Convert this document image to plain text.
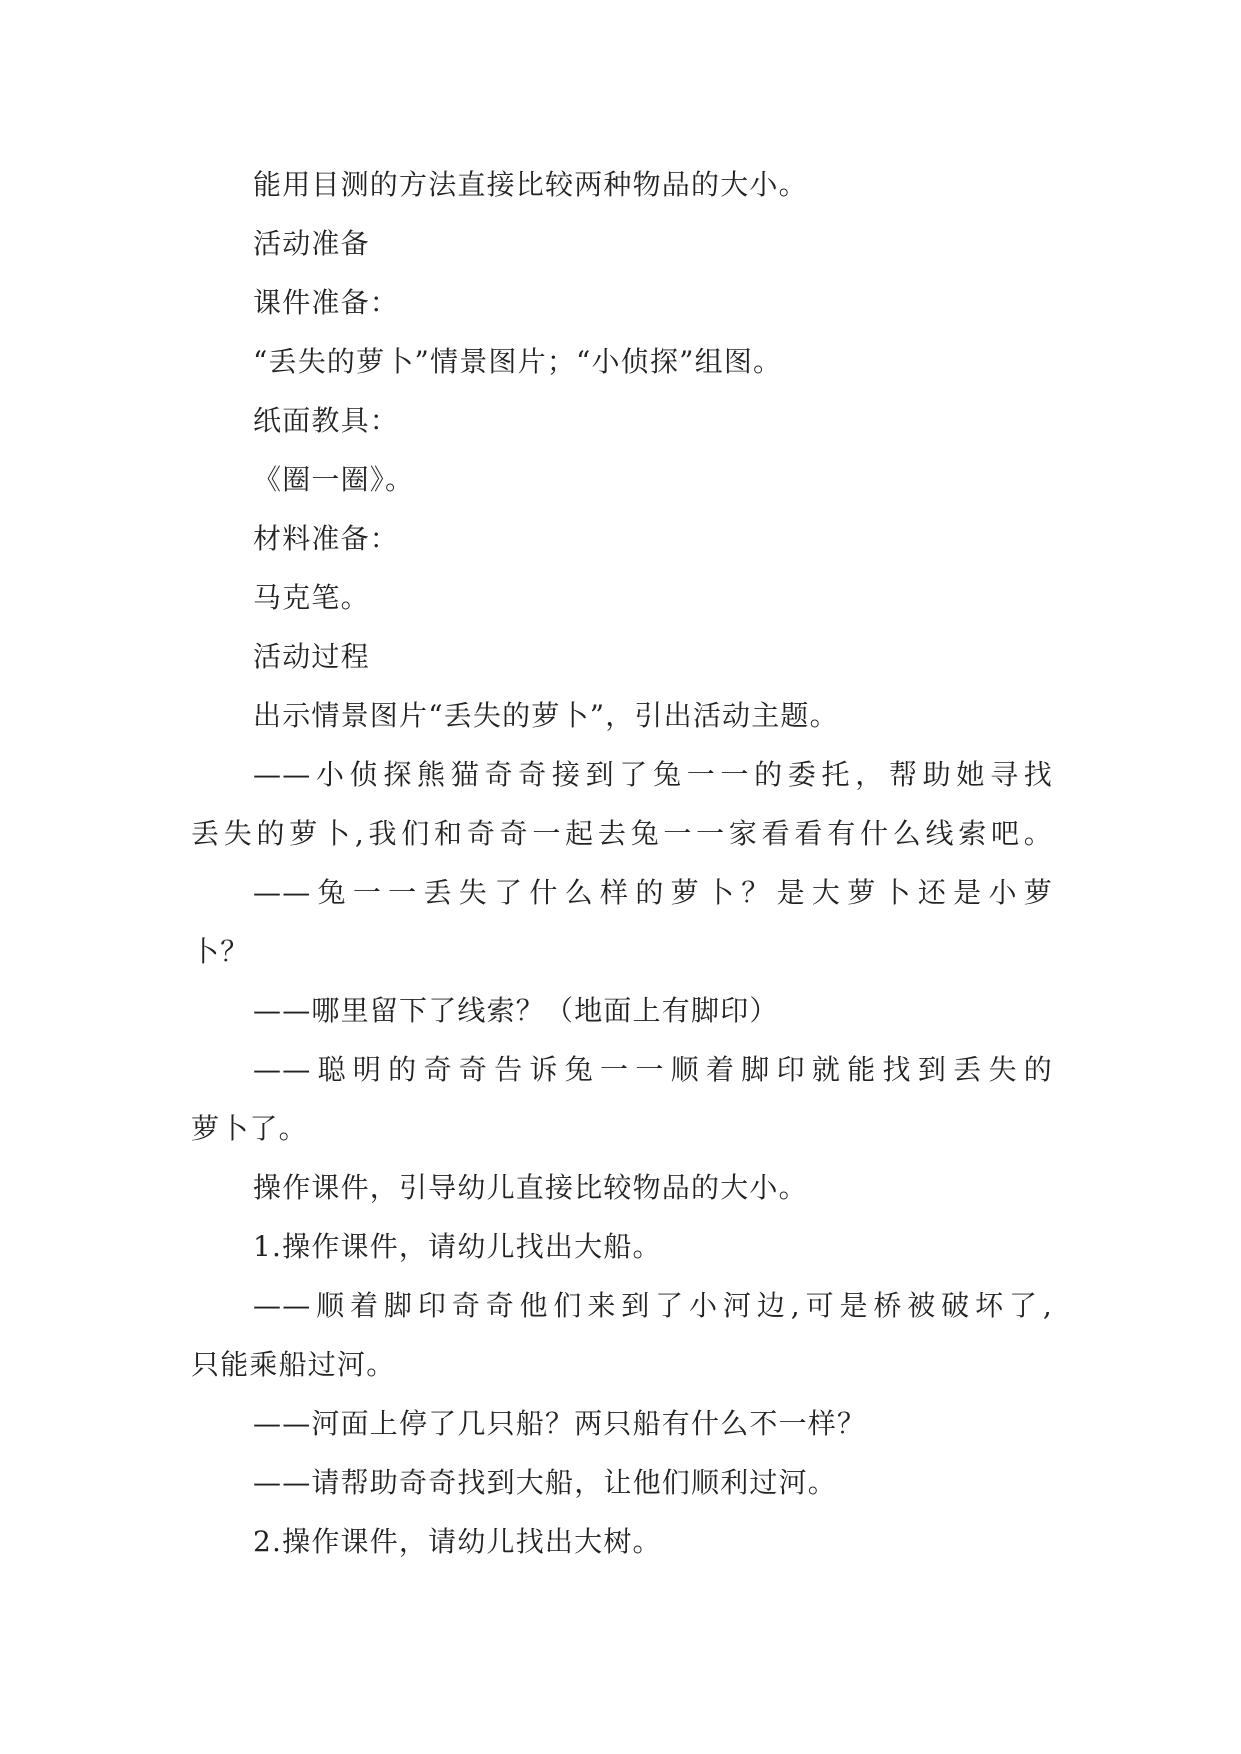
能用目测的方法直接比较两种物品的大小。

活动准备

课件准备：

“丢失的萝卜”情景图片；“小侦探”组图。

纸面教具：

《圈一圈》。

材料准备：

马克笔。

活动过程

出示情景图片“丢失的萝卜”，引出活动主题。

——小侦探熊猫奇奇接到了兔一一的委托，帮助她寻找

丢失的萝卜,我们和奇奇一起去兔一一家看看有什么线索吧。

——兔一一丢失了什么样的萝卜？是大萝卜还是小萝

卜？

——哪里留下了线索？（地面上有脚印）

——聪明的奇奇告诉兔一一顺着脚印就能找到丢失的

萝卜了。

操作课件，引导幼儿直接比较物品的大小。

1.操作课件，请幼儿找出大船。

——顺着脚印奇奇他们来到了小河边,可是桥被破坏了,

只能乘船过河。

——河面上停了几只船？两只船有什么不一样？

——请帮助奇奇找到大船，让他们顺利过河。

2.操作课件，请幼儿找出大树。
